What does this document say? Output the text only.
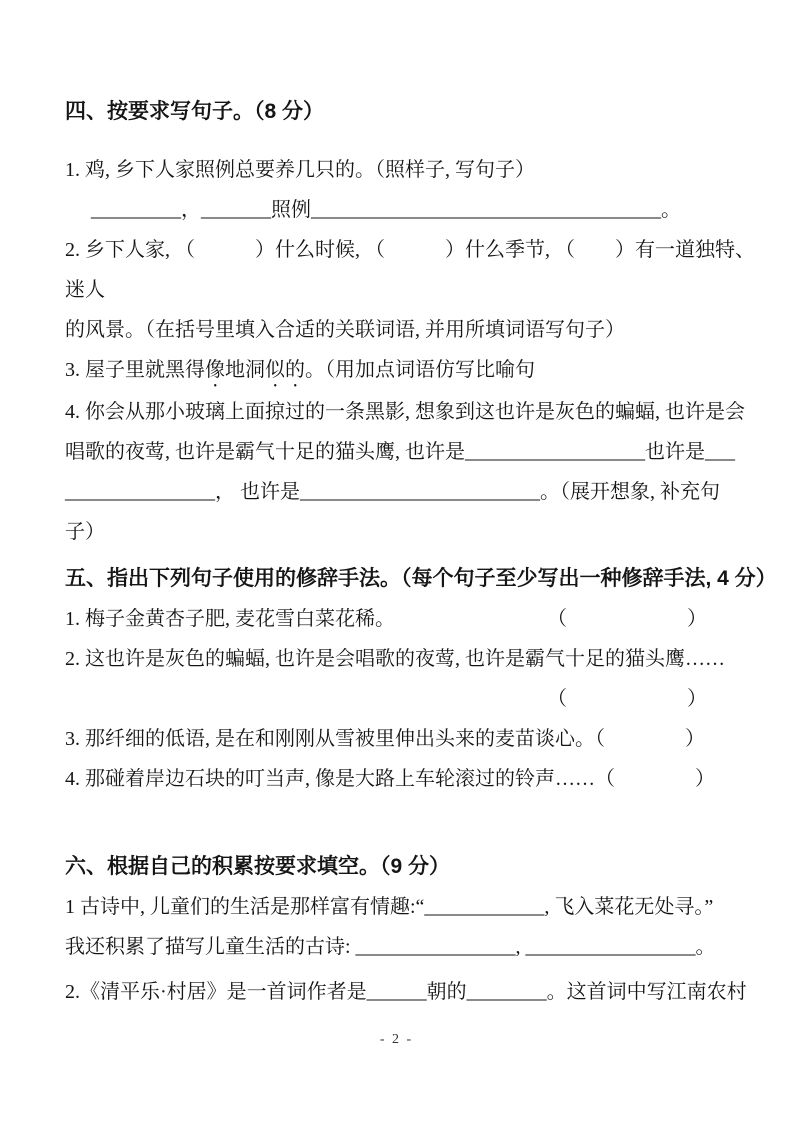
四、按要求写句子。（8 分）

1. 鸡, 乡下人家照例总要养几只的。（照样子, 写句子）

_________，_______照例___________________________________。

2. 乡下人家, （　　　）什么时候, （　　　）什么季节, （　　）有一道独特、

迷人

的风景。（在括号里填入合适的关联词语, 并用所填词语写句子）

3. 屋子里就黑得像地洞似的。（用加点词语仿写比喻句

4. 你会从那小玻璃上面掠过的一条黑影, 想象到这也许是灰色的蝙蝠, 也许是会

唱歌的夜莺, 也许是霸气十足的猫头鹰, 也许是__________________也许是___

_______________， 也许是________________________。（展开想象, 补充句

子）

五、指出下列句子使用的修辞手法。（每个句子至少写出一种修辞手法, 4 分）

1. 梅子金黄杏子肥, 麦花雪白菜花稀。	（　　　　　　）

2. 这也许是灰色的蝙蝠, 也许是会唱歌的夜莺, 也许是霸气十足的猫头鹰……

（　　　　　　）

3. 那纤细的低语, 是在和刚刚从雪被里伸出头来的麦苗谈心。（　　　　）

4. 那碰着岸边石块的叮当声, 像是大路上车轮滚过的铃声……（　　　　）

六、根据自己的积累按要求填空。（9 分）

1 古诗中, 儿童们的生活是那样富有情趣:“____________, 飞入菜花无处寻。”

我还积累了描写儿童生活的古诗: ________________, _________________。

2.《清平乐·村居》是一首词作者是______朝的________。这首词中写江南农村

- 2 -
